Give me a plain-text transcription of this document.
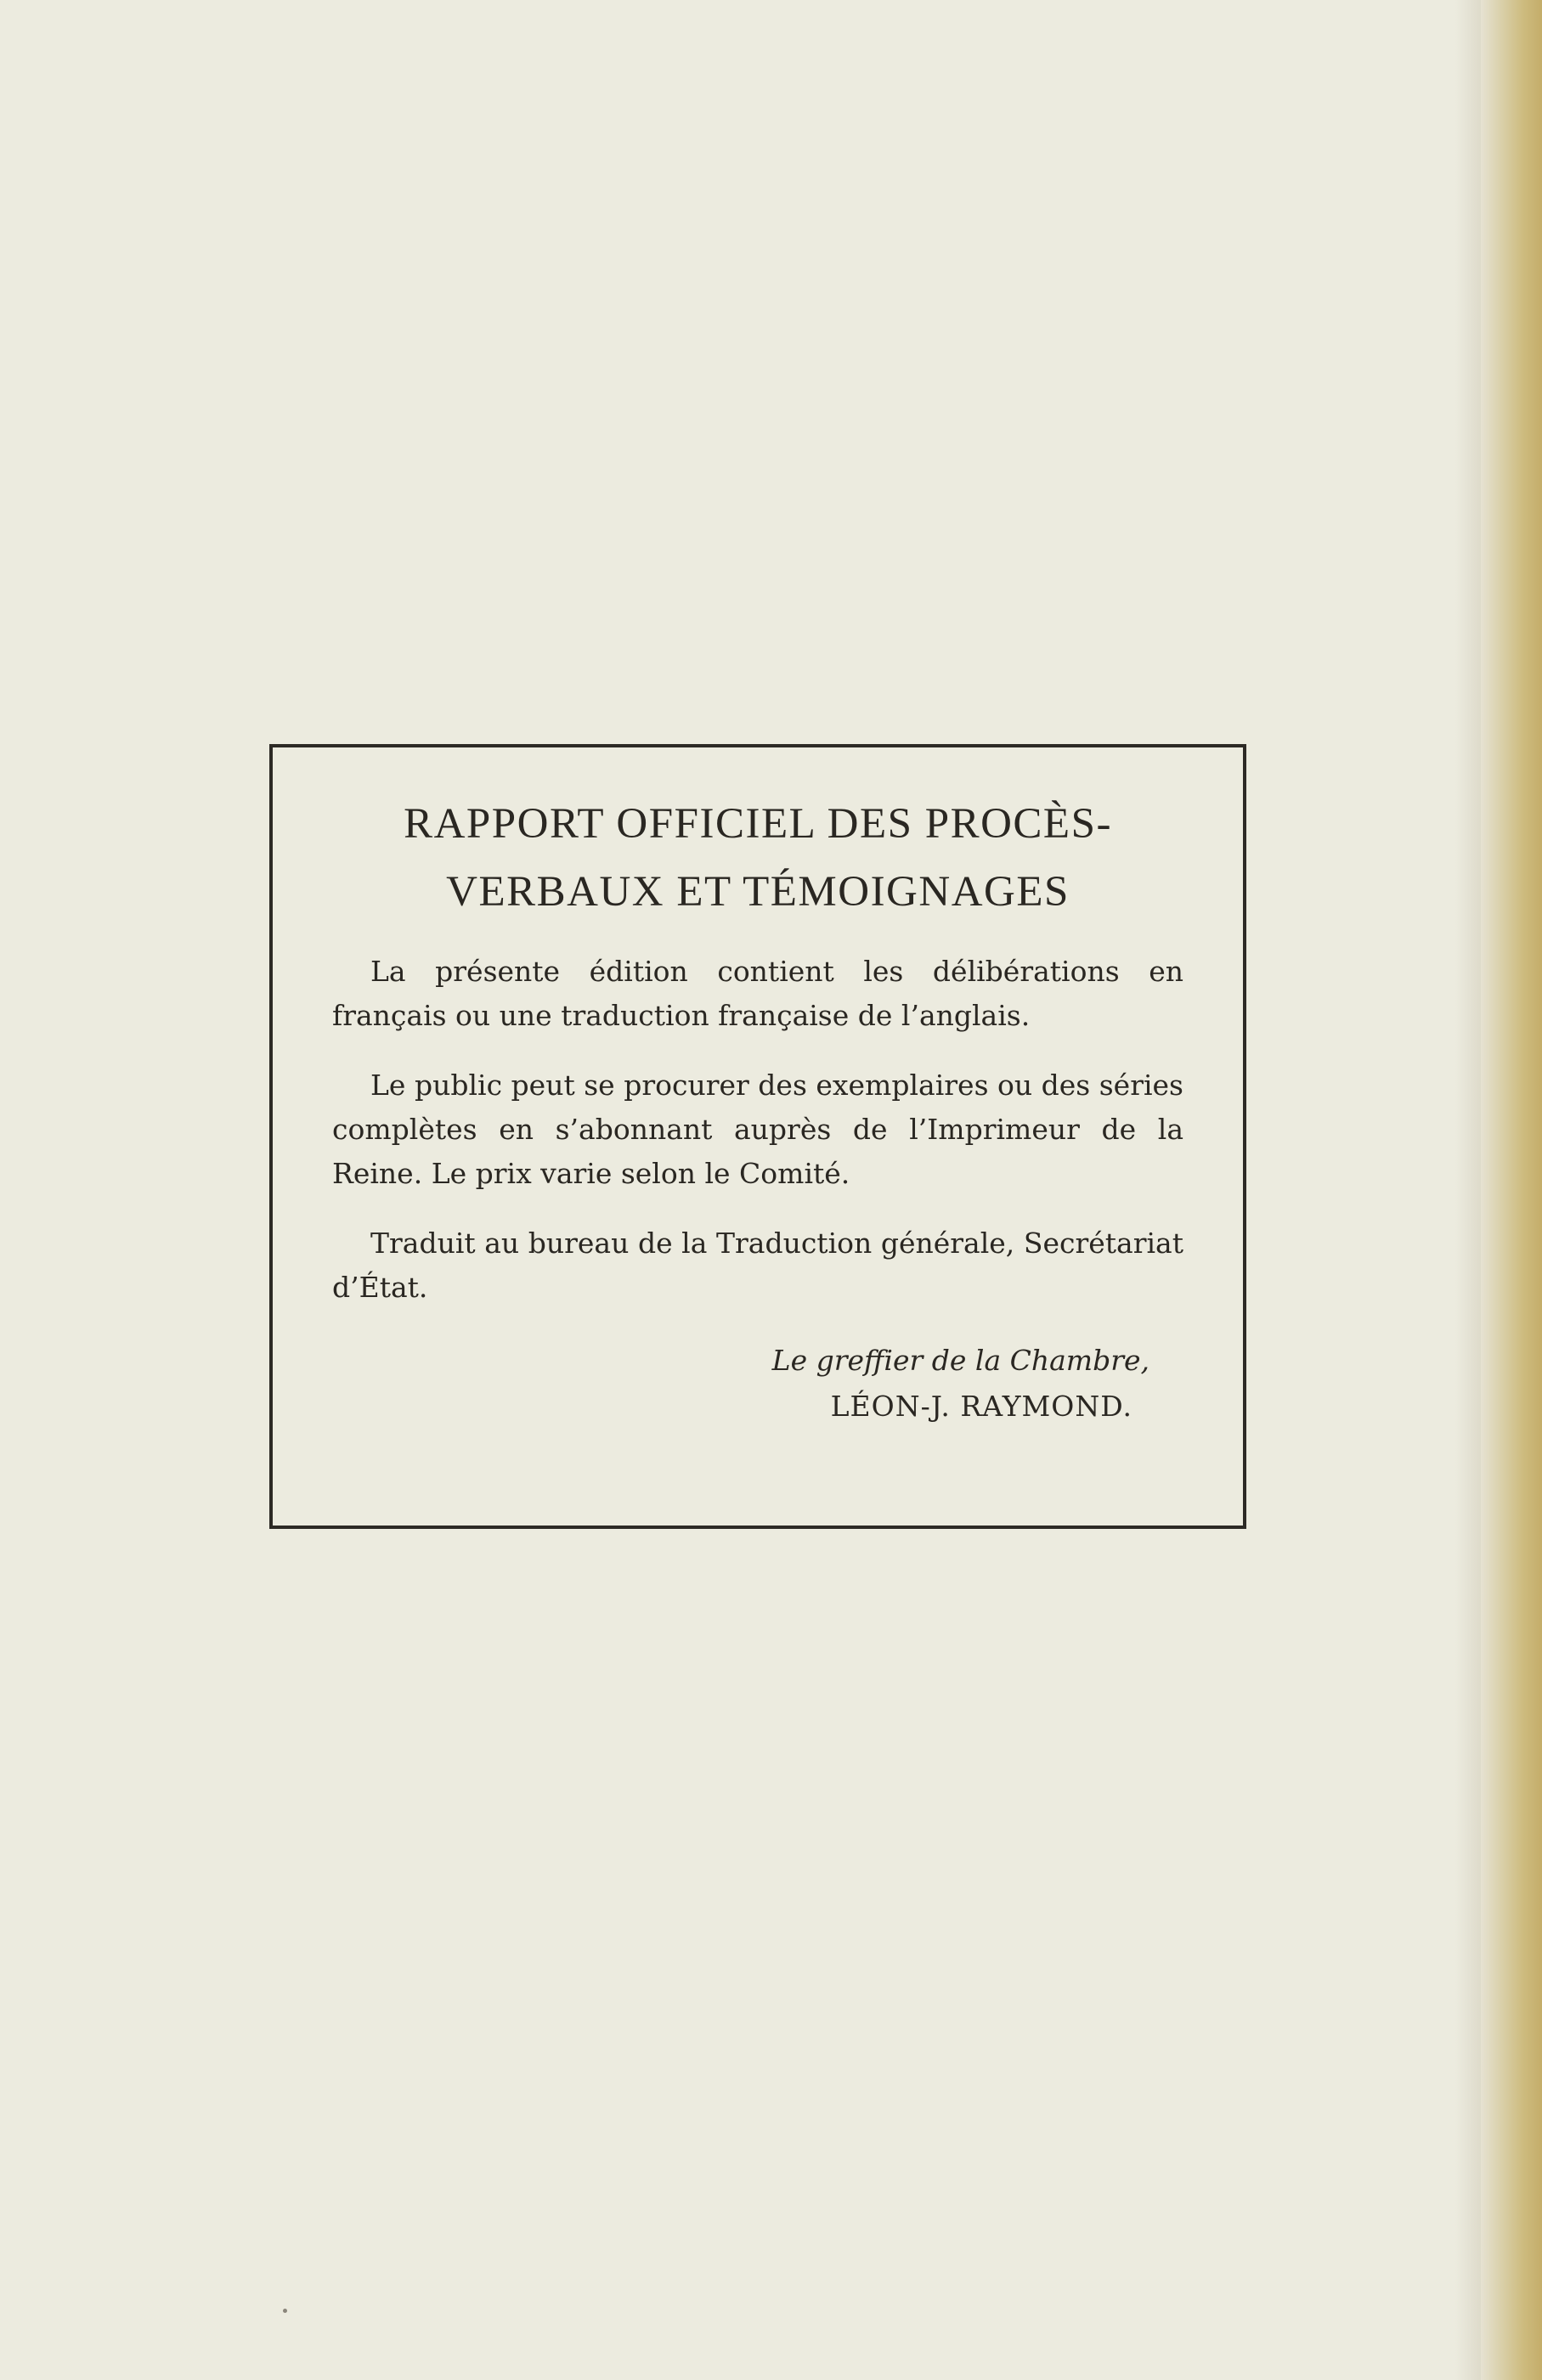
RAPPORT OFFICIEL DES PROCÈS-
VERBAUX ET TÉMOIGNAGES

La présente édition contient les délibérations en français ou une traduction française de l’anglais.

Le public peut se procurer des exemplaires ou des séries complètes en s’abonnant auprès de l’Imprimeur de la Reine. Le prix varie selon le Comité.

Traduit au bureau de la Traduction générale, Secrétariat d’État.

Le greffier de la Chambre,
LÉON-J. RAYMOND.
